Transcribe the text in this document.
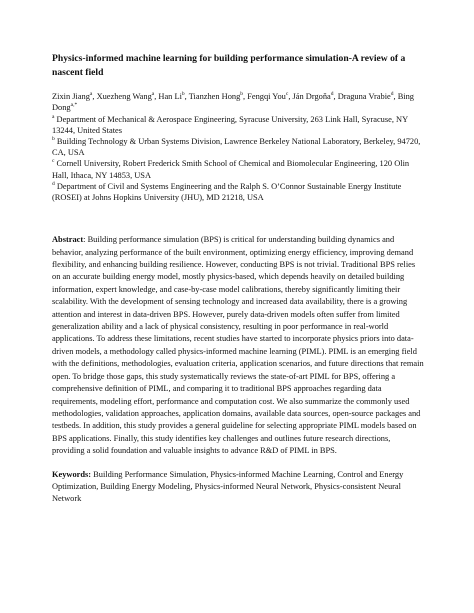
Physics-informed machine learning for building performance simulation-A review of a nascent field
Zixin Jiang$^a$, Xuezheng Wang$^a$, Han Li$^b$, Tianzhen Hong$^b$, Fengqi You$^c$, Ján Drgoňa$^d$, Draguna Vrabie$^d$, Bing Dong$^{a,*}$
$^a$ Department of Mechanical & Aerospace Engineering, Syracuse University, 263 Link Hall, Syracuse, NY 13244, United States
$^b$ Building Technology & Urban Systems Division, Lawrence Berkeley National Laboratory, Berkeley, 94720, CA, USA
$^c$ Cornell University, Robert Frederick Smith School of Chemical and Biomolecular Engineering, 120 Olin Hall, Ithaca, NY 14853, USA
$^d$ Department of Civil and Systems Engineering and the Ralph S. O’Connor Sustainable Energy Institute (ROSEI) at Johns Hopkins University (JHU), MD 21218, USA

Abstract: Building performance simulation (BPS) is critical for understanding building dynamics and behavior, analyzing performance of the built environment, optimizing energy efficiency, improving demand flexibility, and enhancing building resilience. However, conducting BPS is not trivial. Traditional BPS relies on an accurate building energy model, mostly physics-based, which depends heavily on detailed building information, expert knowledge, and case-by-case model calibrations, thereby significantly limiting their scalability. With the development of sensing technology and increased data availability, there is a growing attention and interest in data-driven BPS. However, purely data-driven models often suffer from limited generalization ability and a lack of physical consistency, resulting in poor performance in real-world applications. To address these limitations, recent studies have started to incorporate physics priors into data-driven models, a methodology called physics-informed machine learning (PIML). PIML is an emerging field with the definitions, methodologies, evaluation criteria, application scenarios, and future directions that remain open. To bridge those gaps, this study systematically reviews the state-of-art PIML for BPS, offering a comprehensive definition of PIML, and comparing it to traditional BPS approaches regarding data requirements, modeling effort, performance and computation cost. We also summarize the commonly used methodologies, validation approaches, application domains, available data sources, open-source packages and testbeds. In addition, this study provides a general guideline for selecting appropriate PIML models based on BPS applications. Finally, this study identifies key challenges and outlines future research directions, providing a solid foundation and valuable insights to advance R&D of PIML in BPS.

Keywords: Building Performance Simulation, Physics-informed Machine Learning, Control and Energy Optimization, Building Energy Modeling, Physics-informed Neural Network, Physics-consistent Neural Network
